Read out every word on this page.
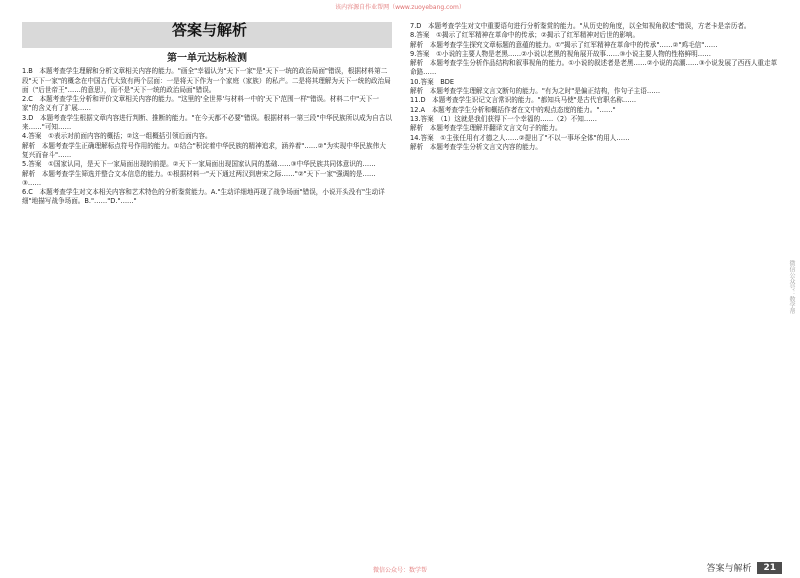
该内容源自作业帮网（www.zuoyebang.com）
答案与解析
第一单元达标检测

1.B　本题考查学生理解和分析文章相关内容的能力。"画全"幸福认为"天下一家"是"天下一统的政治局面"错误，根据材料第二段"天下一家"的概念在中国古代大致有两个层面：一是将天下作为一个家庭（家族）的私产。二是将其理解为天下一统的政治局面（"后世帝王"……的意思），而不是"天下一统的政治局面"错误。

2.C　本题考查学生分析和评价文章相关内容的能力。"这里的'全世界'与材料一中的'天下'范围一样"错误。材料二中"天下一家"的含义有了扩展……

3.D　本题考查学生根据文章内容进行判断、推断的能力。"在今天都不必要"错误。根据材料一第三段"中华民族所以成为自古以来……"可知……

4.答案　①表示对前面内容的概括；②这一组概括引领后面内容。

解析　本题考查学生正确理解标点符号作用的能力。①结合"积淀着中华民族的精神追求，涵养着"……②"为实现中华民族伟大复兴而奋斗"……

5.答案　①国家认同，是天下一家局面出现的前提。②天下一家局面出现国家认同的基础……③中华民族共同体意识的……

解析　本题考查学生筛选并整合文本信息的能力。①根据材料一"天下通过两汉到唐宋之际……"②"天下一家"强调的是……③……

6.C　本题考查学生对文本相关内容和艺术特色的分析鉴赏能力。A."生动详细地再现了战争场面"错误，小说开头没有"生动详细"地描写战争场面。B."……"D."……"

7.D　本题考查学生对文中重要语句进行分析鉴赏的能力。"从历史的角度，以全知视角叙述"错误，方老卡是亲历者。

8.答案　①揭示了红军精神在革命中的传承；②揭示了红军精神对后世的影响。

解析　本题考查学生探究文章标题的意蕴的能力。①"揭示了红军精神在革命中的传承"……②"鸡毛信"……

9.答案　①小说的主要人物是老黑……②小说以老黑的视角展开故事……③小说主要人物的性格鲜明……

解析　本题考查学生分析作品结构和叙事视角的能力。①小说的叙述者是老黑……②小说的高潮……③小说发展了西西人重走革命路……

10.答案　BDE

解析　本题考查学生理解文言文断句的能力。"有为之时"是偏正结构，作句子主语……

11.D　本题考查学生识记文言常识的能力。"都知兵马使"是古代官职名称……

12.A　本题考查学生分析和概括作者在文中的观点态度的能力。"……"

13.答案　（1）这就是我们获得下一个幸福的……（2）不知……

解析　本题考查学生理解并翻译文言文句子的能力。

14.答案　①主张任用有才德之人……②提出了"不以一事坏全体"的用人……

解析　本题考查学生分析文言文内容的能力。

微信公众号：数学帮	答案与解析	21
微信公众号：数学帮
